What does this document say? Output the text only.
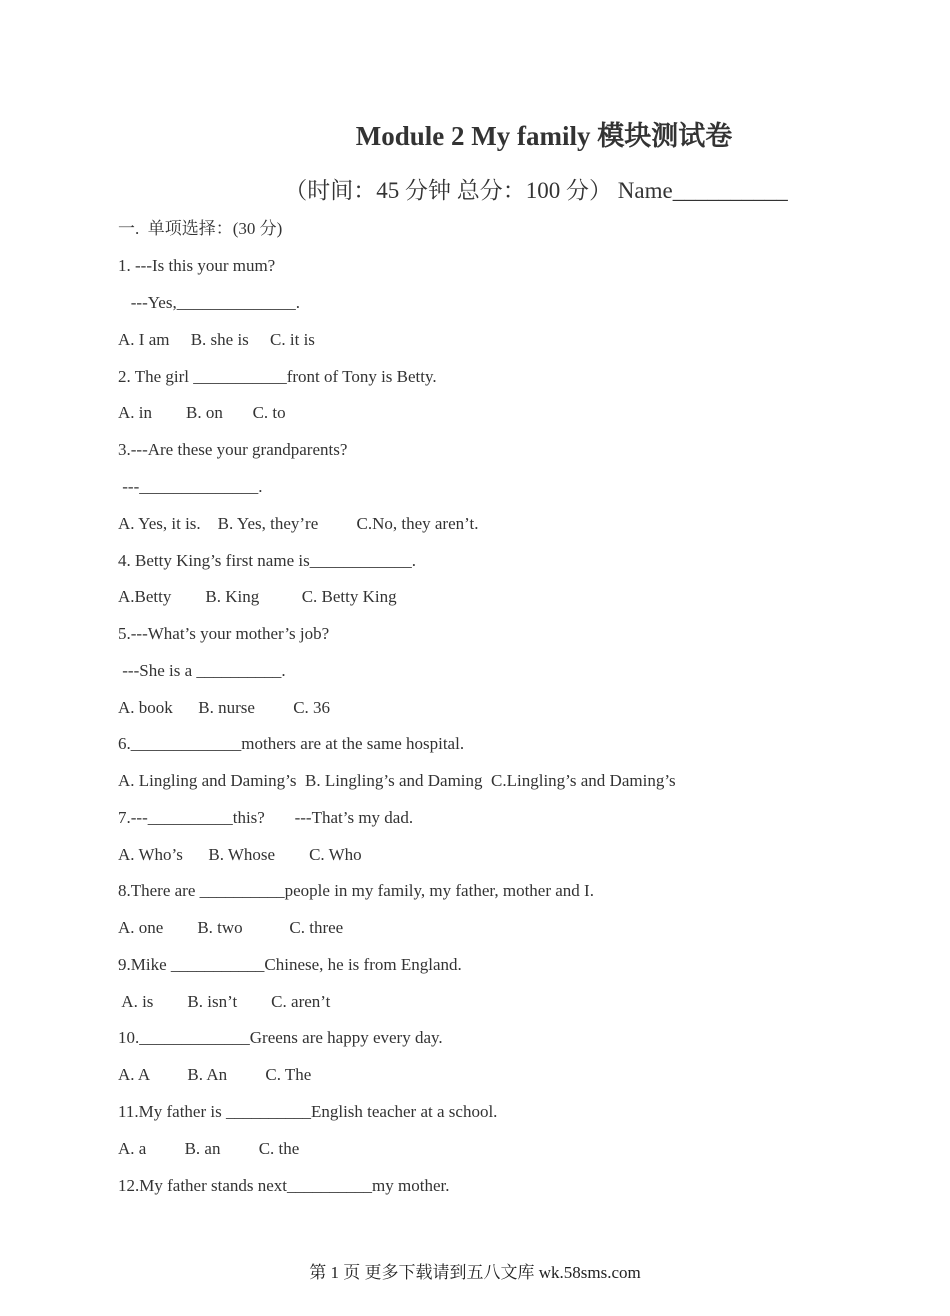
Module 2 My family 模块测试卷
（时间：45 分钟 总分：100 分） Name__________
一.  单项选择：(30 分)
1. ---Is this your mum?
---Yes,______________.
A. I am     B. she is     C. it is
2. The girl ___________front of Tony is Betty.
A. in        B. on       C. to
3.---Are these your grandparents?
---______________.
A. Yes, it is.    B. Yes, they’re         C.No, they aren’t.
4. Betty King’s first name is____________.
A.Betty        B. King          C. Betty King
5.---What’s your mother’s job?
---She is a __________.
A. book      B. nurse         C. 36
6._____________mothers are at the same hospital.
A. Lingling and Daming’s  B. Lingling’s and Daming  C.Lingling’s and Daming’s
7.---__________this?       ---That’s my dad.
A. Who’s      B. Whose        C. Who
8.There are __________people in my family, my father, mother and I.
A. one        B. two           C. three
9.Mike ___________Chinese, he is from England.
A. is        B. isn’t        C. aren’t
10._____________Greens are happy every day.
A. A         B. An         C. The
11.My father is __________English teacher at a school.
A. a         B. an         C. the
12.My father stands next__________my mother.
第 1 页 更多下载请到五八文库 wk.58sms.com
